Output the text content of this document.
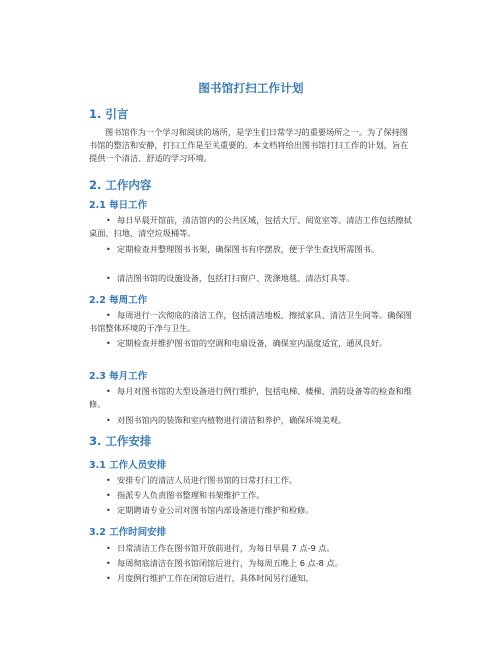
图书馆打扫工作计划
1. 引言
图书馆作为一个学习和阅读的场所，是学生们日常学习的重要场所之一。为了保持图书馆的整洁和安静，打扫工作是至关重要的。本文档将给出图书馆打扫工作的计划，旨在提供一个清洁、舒适的学习环境。
2. 工作内容
2.1 每日工作
• 每日早晨开馆前，清洁馆内的公共区域，包括大厅、阅览室等。清洁工作包括擦拭桌面、扫地、清空垃圾桶等。
• 定期检查并整理图书书架，确保图书有序摆放，便于学生查找所需图书。
• 清洁图书馆的设施设备，包括打扫窗户、洗涤地毯、清洁灯具等。
2.2 每周工作
• 每周进行一次彻底的清洁工作，包括清洁地板、擦拭家具、清洁卫生间等。确保图书馆整体环境的干净与卫生。
• 定期检查并维护图书馆的空调和电扇设备，确保室内温度适宜，通风良好。
2.3 每月工作
• 每月对图书馆的大型设备进行例行维护，包括电梯、楼梯、消防设备等的检查和维修。
• 对图书馆内的装饰和室内植物进行清洁和养护，确保环境美观。
3. 工作安排
3.1 工作人员安排
• 安排专门的清洁人员进行图书馆的日常打扫工作。
• 指派专人负责图书整理和书架维护工作。
• 定期聘请专业公司对图书馆内部设备进行维护和检修。
3.2 工作时间安排
• 日常清洁工作在图书馆开放前进行，为每日早晨 7 点-9 点。
• 每周彻底清洁在图书馆闭馆后进行，为每周五晚上 6 点-8 点。
• 月度例行维护工作在闭馆后进行，具体时间另行通知。
